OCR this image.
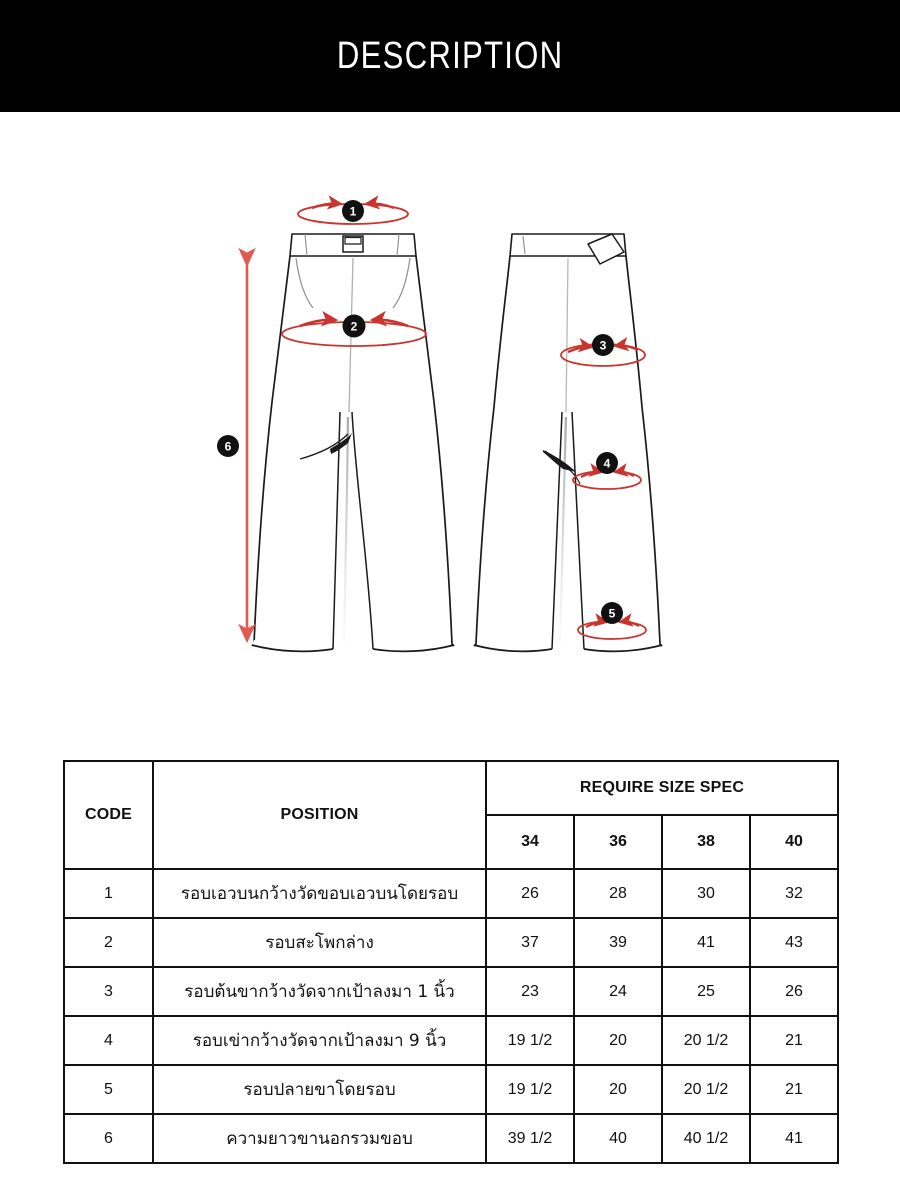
DESCRIPTION
1
2
3
4
5
6
CODE	POSITION	REQUIRE SIZE SPEC			
		34	36	38	40
1	รอบเอวบนกว้างวัดขอบเอวบนโดยรอบ	26	28	30	32
2	รอบสะโพกล่าง	37	39	41	43
3	รอบต้นขากว้างวัดจากเป้าลงมา 1 นิ้ว	23	24	25	26
4	รอบเข่ากว้างวัดจากเป้าลงมา 9 นิ้ว	19 1/2	20	20 1/2	21
5	รอบปลายขาโดยรอบ	19 1/2	20	20 1/2	21
6	ความยาวขานอกรวมขอบ	39 1/2	40	40 1/2	41
